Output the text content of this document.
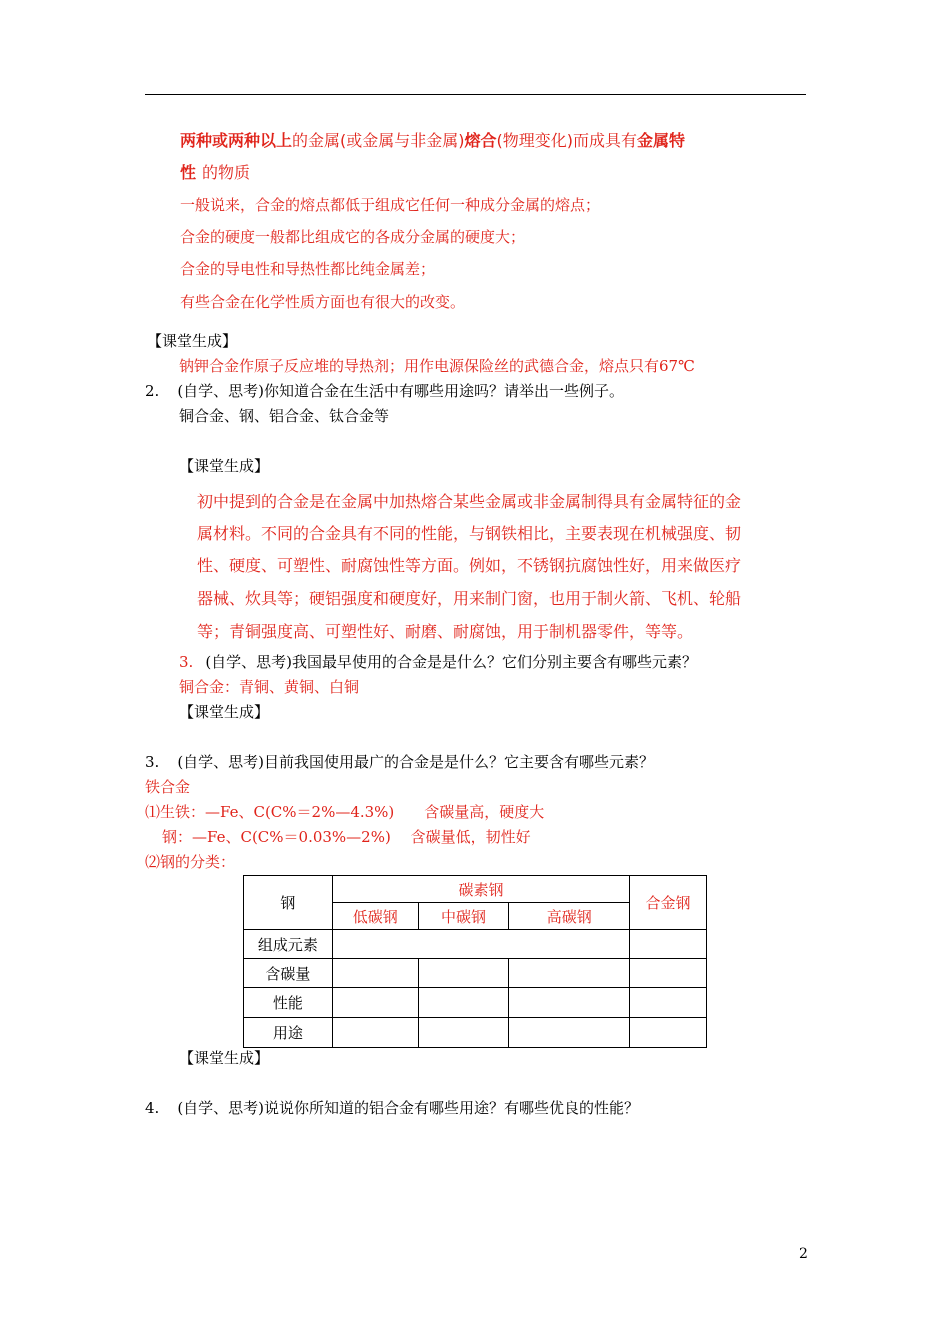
两种或两种以上的金属(或金属与非金属)熔合(物理变化)而成具有金属特
性 的物质
一般说来，合金的熔点都低于组成它任何一种成分金属的熔点；
合金的硬度一般都比组成它的各成分金属的硬度大；
合金的导电性和导热性都比纯金属差；
有些合金在化学性质方面也有很大的改变。
【课堂生成】
钠钾合金作原子反应堆的导热剂；用作电源保险丝的武德合金，熔点只有67℃
2. (自学、思考)你知道合金在生活中有哪些用途吗？请举出一些例子。
铜合金、钢、铝合金、钛合金等
【课堂生成】
初中提到的合金是在金属中加热熔合某些金属或非金属制得具有金属特征的金
属材料。不同的合金具有不同的性能，与钢铁相比，主要表现在机械强度、韧
性、硬度、可塑性、耐腐蚀性等方面。例如，不锈钢抗腐蚀性好，用来做医疗
器械、炊具等；硬铝强度和硬度好，用来制门窗，也用于制火箭、飞机、轮船
等；青铜强度高、可塑性好、耐磨、耐腐蚀，用于制机器零件，等等。
3. (自学、思考)我国最早使用的合金是是什么？它们分别主要含有哪些元素？
铜合金：青铜、黄铜、白铜
【课堂生成】
3. (自学、思考)目前我国使用最广的合金是是什么？它主要含有哪些元素？
铁合金
⑴生铁：—Fe、C(C%＝2%—4.3%)　　含碳量高，硬度大
钢：—Fe、C(C%＝0.03%—2%)　 含碳量低，韧性好
⑵钢的分类：
钢	碳素钢			合金钢
	低碳钢	中碳钢	高碳钢	
组成元素				
含碳量				
性能				
用途				
【课堂生成】
4. (自学、思考)说说你所知道的铝合金有哪些用途？有哪些优良的性能？
2
